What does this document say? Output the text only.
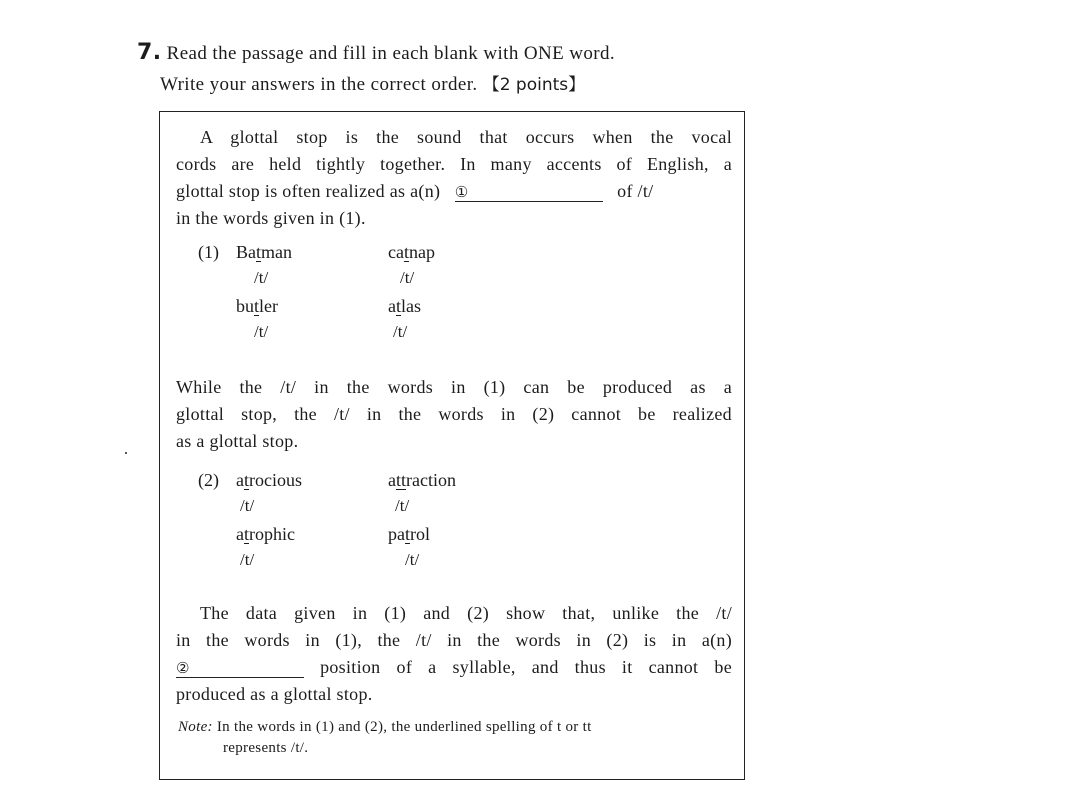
7. Read the passage and fill in each blank with ONE word.
Write your answers in the correct order. 【2 points】
A glottal stop is the sound that occurs when the vocal
cords are held tightly together. In many accents of English, a
glottal stop is often realized as a(n) ①	of /t/
in the words given in (1).
(1) Batman
/t/
catnap
/t/
butler
/t/
atlas
/t/
While the /t/ in the words in (1) can be produced as a
glottal stop, the /t/ in the words in (2) cannot be realized
as a glottal stop.
(2) atrocious
/t/
attraction
/t/
atrophic
/t/
patrol
/t/
The data given in (1) and (2) show that, unlike the /t/
in the words in (1), the /t/ in the words in (2) is in a(n)
②	position of a syllable, and thus it cannot be
produced as a glottal stop.
Note: In the words in (1) and (2), the underlined spelling of t or tt
represents /t/.
